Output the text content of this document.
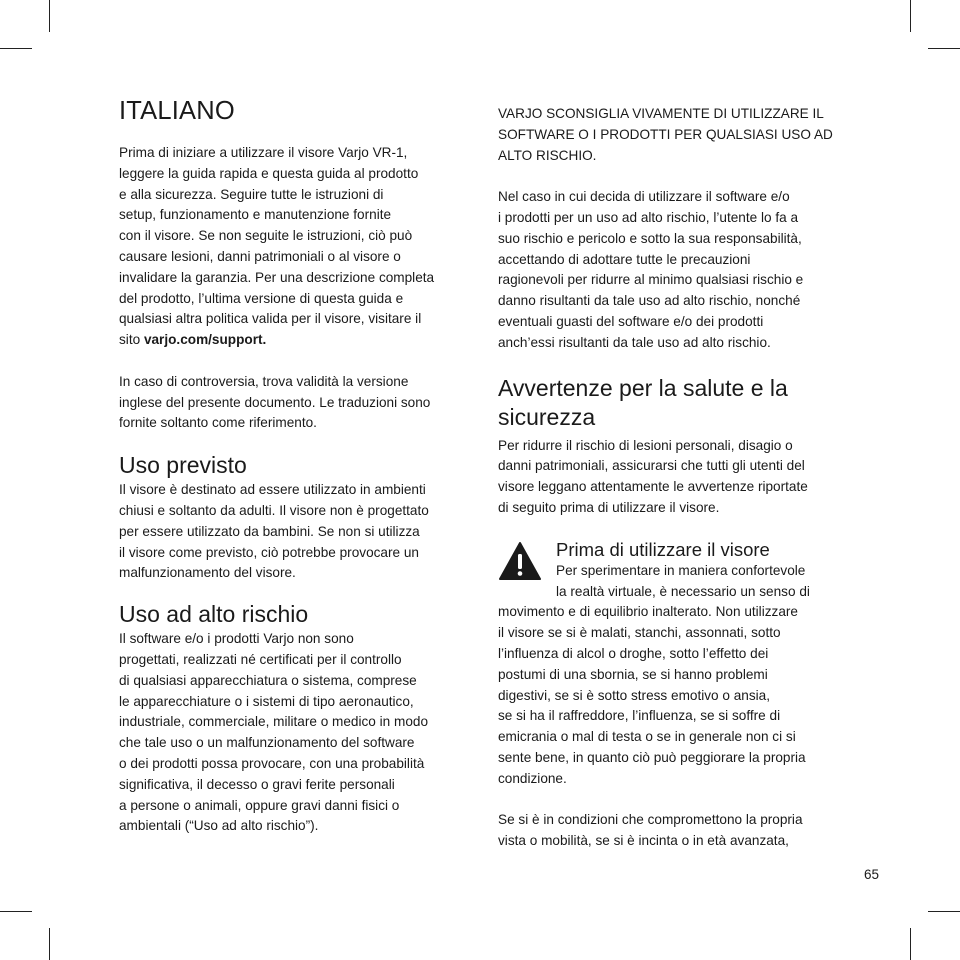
ITALIANO

Prima di iniziare a utilizzare il visore Varjo VR-1,
leggere la guida rapida e questa guida al prodotto
e alla sicurezza. Seguire tutte le istruzioni di
setup, funzionamento e manutenzione fornite
con il visore. Se non seguite le istruzioni, ciò può
causare lesioni, danni patrimoniali o al visore o
invalidare la garanzia. Per una descrizione completa
del prodotto, l’ultima versione di questa guida e
qualsiasi altra politica valida per il visore, visitare il
sito varjo.com/support.

In caso di controversia, trova validità la versione
inglese del presente documento. Le traduzioni sono
fornite soltanto come riferimento.

Uso previsto

Il visore è destinato ad essere utilizzato in ambienti
chiusi e soltanto da adulti. Il visore non è progettato
per essere utilizzato da bambini. Se non si utilizza
il visore come previsto, ciò potrebbe provocare un
malfunzionamento del visore.

Uso ad alto rischio

Il software e/o i prodotti Varjo non sono
progettati, realizzati né certificati per il controllo
di qualsiasi apparecchiatura o sistema, comprese
le apparecchiature o i sistemi di tipo aeronautico,
industriale, commerciale, militare o medico in modo
che tale uso o un malfunzionamento del software
o dei prodotti possa provocare, con una probabilità
significativa, il decesso o gravi ferite personali
a persone o animali, oppure gravi danni fisici o
ambientali (“Uso ad alto rischio”).

VARJO SCONSIGLIA VIVAMENTE DI UTILIZZARE IL
SOFTWARE O I PRODOTTI PER QUALSIASI USO AD
ALTO RISCHIO.

Nel caso in cui decida di utilizzare il software e/o
i prodotti per un uso ad alto rischio, l’utente lo fa a
suo rischio e pericolo e sotto la sua responsabilità,
accettando di adottare tutte le precauzioni
ragionevoli per ridurre al minimo qualsiasi rischio e
danno risultanti da tale uso ad alto rischio, nonché
eventuali guasti del software e/o dei prodotti
anch’essi risultanti da tale uso ad alto rischio.

Avvertenze per la salute e la
sicurezza

Per ridurre il rischio di lesioni personali, disagio o
danni patrimoniali, assicurarsi che tutti gli utenti del
visore leggano attentamente le avvertenze riportate
di seguito prima di utilizzare il visore.

Prima di utilizzare il visore

Per sperimentare in maniera confortevole
la realtà virtuale, è necessario un senso di
movimento e di equilibrio inalterato. Non utilizzare
il visore se si è malati, stanchi, assonnati, sotto
l’influenza di alcol o droghe, sotto l’effetto dei
postumi di una sbornia, se si hanno problemi
digestivi, se si è sotto stress emotivo o ansia,
se si ha il raffreddore, l’influenza, se si soffre di
emicrania o mal di testa o se in generale non ci si
sente bene, in quanto ciò può peggiorare la propria
condizione.

Se si è in condizioni che compromettono la propria
vista o mobilità, se si è incinta o in età avanzata,

65
